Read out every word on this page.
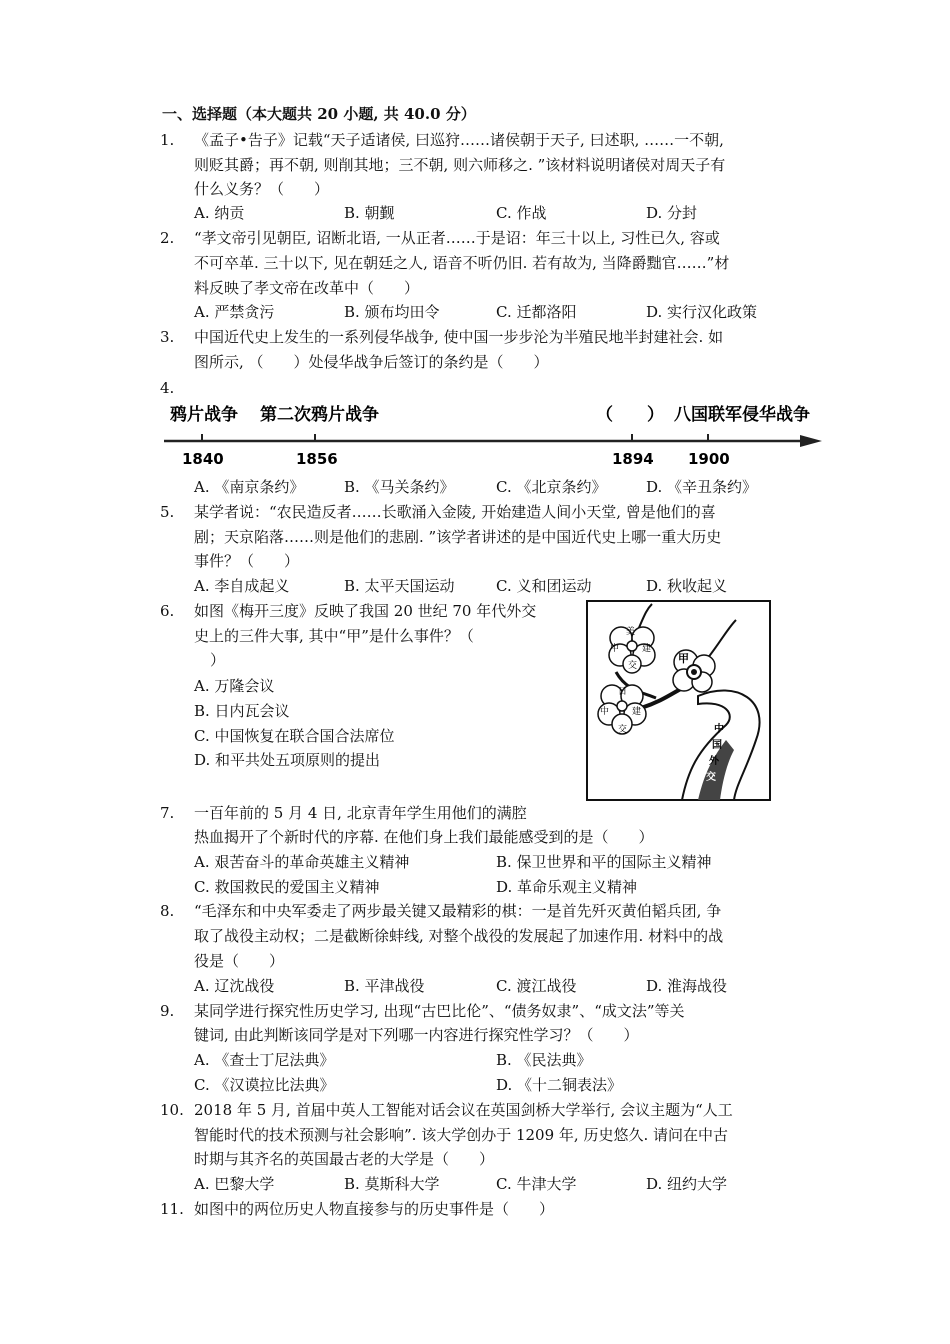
一、选择题（本大题共 20 小题, 共 40.0 分）
1. 《孟子•告子》记载“天子适诸侯, 曰巡狩……诸侯朝于天子, 曰述职, ……一不朝,
则贬其爵；再不朝, 则削其地；三不朝, 则六师移之. ”该材料说明诸侯对周天子有
什么义务？（　　）
A. 纳贡	B. 朝觐	C. 作战	D. 分封
2. “孝文帝引见朝臣, 诏断北语, 一从正者……于是诏：年三十以上, 习性已久, 容或
不可卒革. 三十以下, 见在朝廷之人, 语音不听仍旧. 若有故为, 当降爵黜官……”材
料反映了孝文帝在改革中（　　）
A. 严禁贪污	B. 颁布均田令	C. 迁都洛阳	D. 实行汉化政策
3. 中国近代史上发生的一系列侵华战争, 使中国一步步沦为半殖民地半封建社会. 如
图所示, （　　）处侵华战争后签订的条约是（　　）
4.
鸦片战争 第二次鸦片战争	（　　） 八国联军侵华战争
1840	1856	1894 1900
A. 《南京条约》	B. 《马关条约》	C. 《北京条约》	D. 《辛丑条约》
5. 某学者说：“农民造反者……长歌涌入金陵, 开始建造人间小天堂, 曾是他们的喜
剧；天京陷落……则是他们的悲剧. ”该学者讲述的是中国近代史上哪一重大历史
事件？（　　）
A. 李自成起义	B. 太平天国运动	C. 义和团运动	D. 秋收起义
6. 如图《梅开三度》反映了我国 20 世纪 70 年代外交
史上的三件大事, 其中“甲”是什么事件？（
）
A. 万隆会议
B. 日内瓦会议
C. 中国恢复在联合国合法席位
D. 和平共处五项原则的提出
美
中	建
交
甲
日
中	建
交	中
国
外
交
7. 一百年前的 5 月 4 日, 北京青年学生用他们的满腔
热血揭开了个新时代的序幕. 在他们身上我们最能感受到的是（　　）
A. 艰苦奋斗的革命英雄主义精神	B. 保卫世界和平的国际主义精神
C. 救国救民的爱国主义精神	D. 革命乐观主义精神
8. “毛泽东和中央军委走了两步最关键又最精彩的棋：一是首先歼灭黄伯韬兵团, 争
取了战役主动权；二是截断徐蚌线, 对整个战役的发展起了加速作用. 材料中的战
役是（　　）
A. 辽沈战役	B. 平津战役	C. 渡江战役	D. 淮海战役
9. 某同学进行探究性历史学习, 出现“古巴比伦”、“债务奴隶”、“成文法”等关
键词, 由此判断该同学是对下列哪一内容进行探究性学习？（　　）
A. 《查士丁尼法典》	B. 《民法典》
C. 《汉谟拉比法典》	D. 《十二铜表法》
10. 2018 年 5 月, 首届中英人工智能对话会议在英国剑桥大学举行, 会议主题为“人工
智能时代的技术预测与社会影响”. 该大学创办于 1209 年, 历史悠久. 请问在中古
时期与其齐名的英国最古老的大学是（　　）
A. 巴黎大学	B. 莫斯科大学	C. 牛津大学	D. 纽约大学
11. 如图中的两位历史人物直接参与的历史事件是（　　）
